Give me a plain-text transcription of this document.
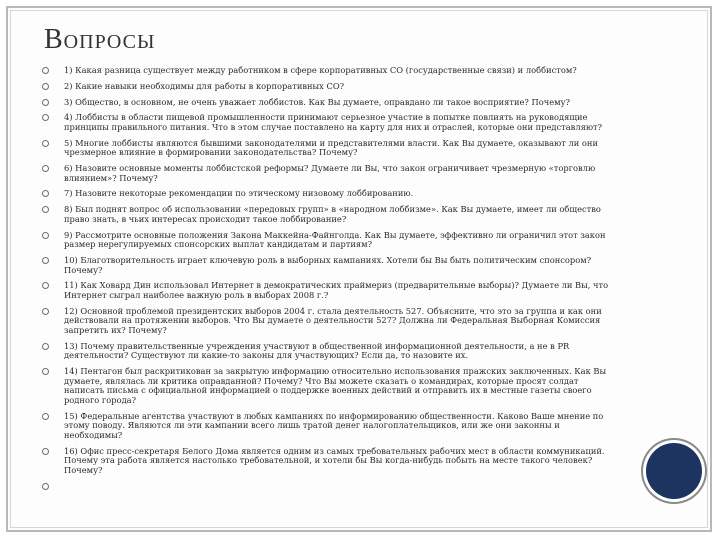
Вопросы
1) Какая разница существует между работником в сфере корпоративных СО (государственные связи) и лоббистом?
2) Какие навыки необходимы для работы в корпоративных СО?
3) Общество, в основном, не очень уважает лоббистов. Как Вы думаете, оправдано ли такое восприятие? Почему?
4) Лоббисты в области пищевой промышленности принимают серьезное участие в попытке повлиять на руководящие принципы правильного питания. Что в этом случае поставлено на карту для них и отраслей, которые они представляют?
5) Многие лоббисты являются бывшими законодателями и представителями власти. Как Вы думаете, оказывают ли они чрезмерное влияние в формировании законодательства? Почему?
6) Назовите основные моменты лоббистской реформы? Думаете ли Вы, что закон ограничивает чрезмерную «торговлю влиянием»? Почему?
7) Назовите некоторые рекомендации по этическому низовому лоббированию.
8) Был поднят вопрос об использовании «передовых групп» в «народном лоббизме». Как Вы думаете, имеет ли общество право знать, в чьих интересах происходит такое лоббирование?
9) Рассмотрите основные положения Закона Маккейна-Файнголда. Как Вы думаете, эффективно ли ограничил этот закон размер нерегулируемых спонсорских выплат кандидатам и партиям?
10) Благотворительность играет ключевую роль в выборных кампаниях. Хотели бы Вы быть политическим спонсором? Почему?
11) Как Ховард Дин использовал Интернет в демократических праймериз (предварительные выборы)? Думаете ли Вы, что Интернет сыграл наиболее важную роль в выборах 2008 г.?
12) Основной проблемой президентских выборов 2004 г. стала деятельность 527. Объясните, что это за группа и как они действовали на протяжении выборов. Что Вы думаете о деятельности 527? Должна ли Федеральная Выборная Комиссия запретить их? Почему?
13) Почему правительственные учреждения участвуют в общественной информационной деятельности, а не в PR деятельности? Существуют ли какие-то законы для участвующих? Если да, то назовите их.
14) Пентагон был раскритикован за закрытую информацию относительно использования пражских заключенных. Как Вы думаете, являлась ли критика оправданной? Почему? Что Вы можете сказать о командирах, которые просят солдат написать письма с официальной информацией о поддержке военных действий и отправить их в местные газеты своего родного города?
15) Федеральные агентства участвуют в любых кампаниях по информированию общественности. Каково Ваше мнение по этому поводу. Являются ли эти кампании всего лишь тратой денег налогоплательщиков, или же они законны и необходимы?
16) Офис пресс-секретаря Белого Дома является одним из самых требовательных рабочих мест в области коммуникаций. Почему эта работа является настолько требовательной, и хотели бы Вы когда-нибудь побыть на месте такого человек? Почему?
